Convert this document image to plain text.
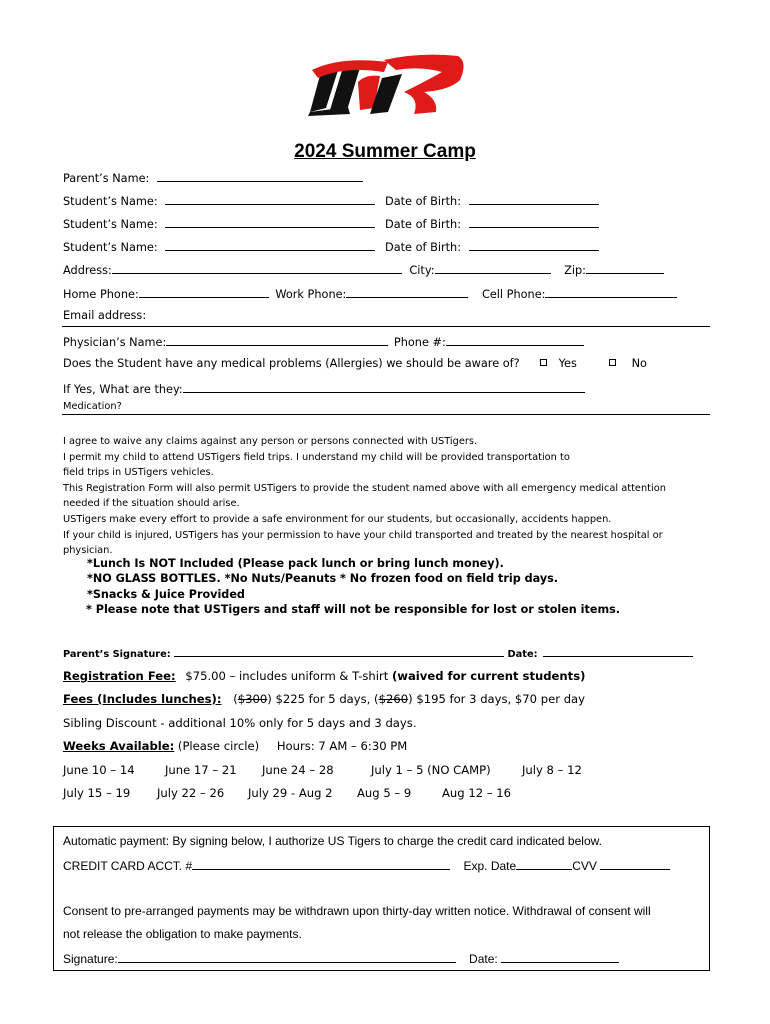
2024 Summer Camp
Parent’s Name:
Student’s Name:	Date of Birth:
Student’s Name:	Date of Birth:
Student’s Name:	Date of Birth:
Address:	City:	Zip:
Home Phone:	Work Phone:	Cell Phone:
Email address:
Physician’s Name:	Phone #:
Does the Student have any medical problems (Allergies) we should be aware of?	Yes	No
If Yes, What are they:
Medication?
I agree to waive any claims against any person or persons connected with USTigers.
I permit my child to attend USTigers field trips. I understand my child will be provided transportation to
field trips in USTigers vehicles.
This Registration Form will also permit USTigers to provide the student named above with all emergency medical attention
needed if the situation should arise.
USTigers make every effort to provide a safe environment for our students, but occasionally, accidents happen.
If your child is injured, USTigers has your permission to have your child transported and treated by the nearest hospital or
physician.
*Lunch Is NOT Included (Please pack lunch or bring lunch money).
*NO GLASS BOTTLES. *No Nuts/Peanuts * No frozen food on field trip days.
*Snacks & Juice Provided
* Please note that USTigers and staff will not be responsible for lost or stolen items.
Parent’s Signature:	Date:
Registration Fee: $75.00 – includes uniform & T-shirt (waived for current students)
Fees (Includes lunches): ($300) $225 for 5 days, ($260) $195 for 3 days, $70 per day
Sibling Discount - additional 10% only for 5 days and 3 days.
Weeks Available: (Please circle) Hours: 7 AM – 6:30 PM
June 10 – 14	June 17 – 21 June 24 – 28	July 1 – 5 (NO CAMP)	July 8 – 12
July 15 – 19 July 22 – 26 July 29 - Aug 2 Aug 5 – 9	Aug 12 – 16
Automatic payment: By signing below, I authorize US Tigers to charge the credit card indicated below.
CREDIT CARD ACCT. #	Exp. Date	CVV
Consent to pre-arranged payments may be withdrawn upon thirty-day written notice. Withdrawal of consent will
not release the obligation to make payments.
Signature:	Date:
